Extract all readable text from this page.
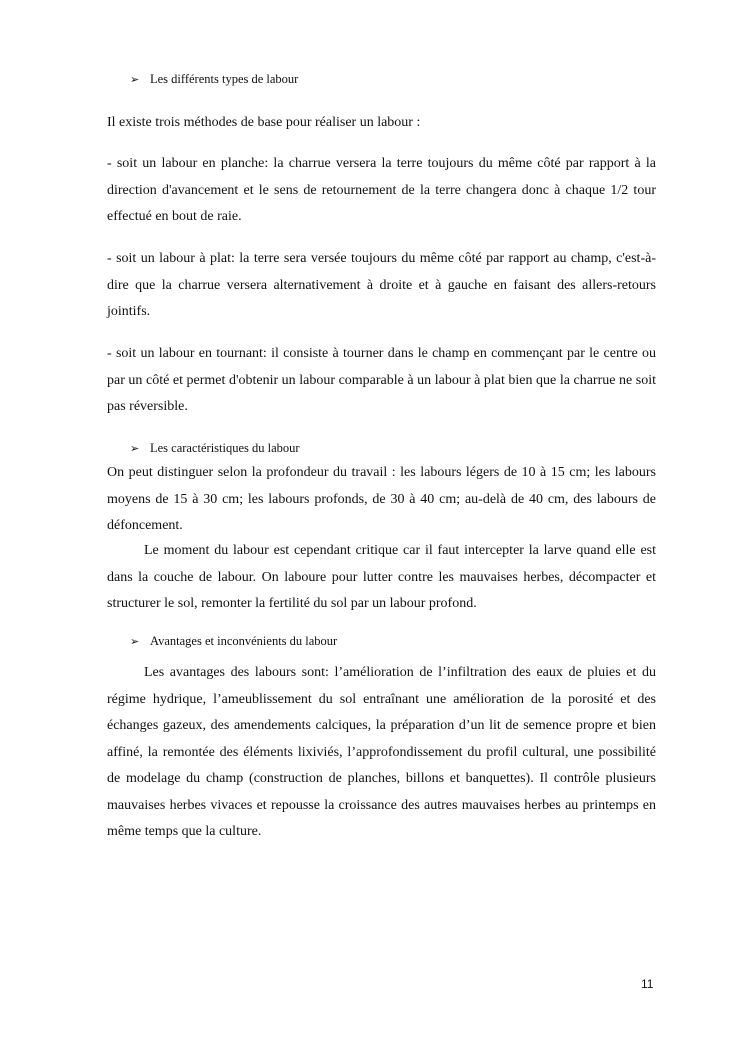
➢ Les différents types de labour
Il existe trois méthodes de base pour réaliser un labour :
- soit un labour en planche: la charrue versera la terre toujours du même côté par rapport à la direction d'avancement et le sens de retournement de la terre changera donc à chaque 1/2 tour effectué en bout de raie.
- soit un labour à plat: la terre sera versée toujours du même côté par rapport au champ, c'est-à-dire que la charrue versera alternativement à droite et à gauche en faisant des allers-retours jointifs.
- soit un labour en tournant: il consiste à tourner dans le champ en commençant par le centre ou par un côté et permet d'obtenir un labour comparable à un labour à plat bien que la charrue ne soit pas réversible.
➢ Les caractéristiques du labour
On peut distinguer selon la profondeur du travail : les labours légers de 10 à 15 cm; les labours moyens de 15 à 30 cm; les labours profonds, de 30 à 40 cm; au-delà de 40 cm, des labours de défoncement.
Le moment du labour est cependant critique car il faut intercepter la larve quand elle est dans la couche de labour. On laboure pour lutter contre les mauvaises herbes, décompacter et structurer le sol, remonter la fertilité du sol par un labour profond.
➢ Avantages et inconvénients du labour
Les avantages des labours sont: l’amélioration de l’infiltration des eaux de pluies et du régime hydrique, l’ameublissement du sol entraînant une amélioration de la porosité et des échanges gazeux, des amendements calciques, la préparation d’un lit de semence propre et bien affiné, la remontée des éléments lixiviés, l’approfondissement du profil cultural, une possibilité de modelage du champ (construction de planches, billons et banquettes). Il contrôle plusieurs mauvaises herbes vivaces et repousse la croissance des autres mauvaises herbes au printemps en même temps que la culture.
11
